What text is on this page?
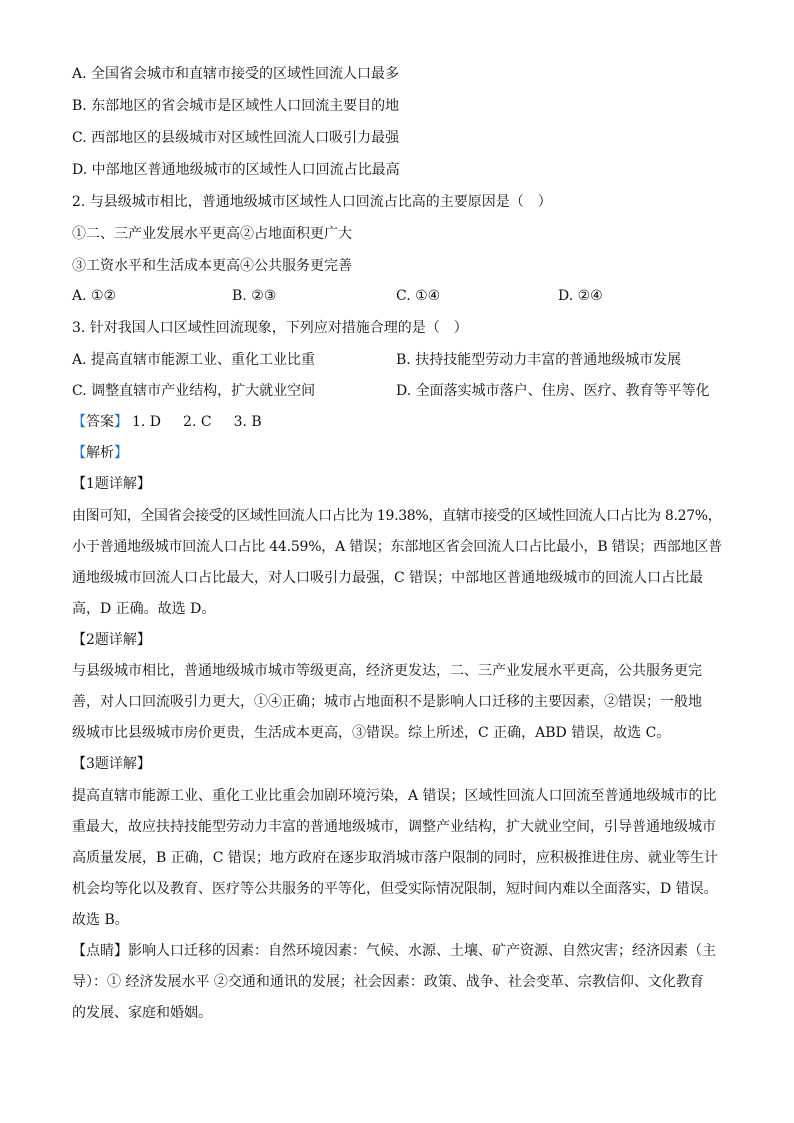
A. 全国省会城市和直辖市接受的区域性回流人口最多
B. 东部地区的省会城市是区域性人口回流主要目的地
C. 西部地区的县级城市对区域性回流人口吸引力最强
D. 中部地区普通地级城市的区域性人口回流占比最高
2. 与县级城市相比，普通地级城市区域性人口回流占比高的主要原因是（　）
①二、三产业发展水平更高②占地面积更广大
③工资水平和生活成本更高④公共服务更完善
A. ①②	B. ②③	C. ①④	D. ②④
3. 针对我国人口区域性回流现象，下列应对措施合理的是（　）
A. 提高直辖市能源工业、重化工业比重	B. 扶持技能型劳动力丰富的普通地级城市发展
C. 调整直辖市产业结构，扩大就业空间	D. 全面落实城市落户、住房、医疗、教育等平等化
【答案】 1. D 2. C 3. B
【解析】
【1题详解】
由图可知，全国省会接受的区域性回流人口占比为 19.38%，直辖市接受的区域性回流人口占比为 8.27%，
小于普通地级城市回流人口占比 44.59%，A 错误；东部地区省会回流人口占比最小，B 错误；西部地区普
通地级城市回流人口占比最大，对人口吸引力最强，C 错误；中部地区普通地级城市的回流人口占比最
高，D 正确。故选 D。
【2题详解】
与县级城市相比，普通地级城市城市等级更高，经济更发达，二、三产业发展水平更高，公共服务更完
善，对人口回流吸引力更大，①④正确；城市占地面积不是影响人口迁移的主要因素，②错误；一般地
级城市比县级城市房价更贵，生活成本更高，③错误。综上所述，C 正确，ABD 错误，故选 C。
【3题详解】
提高直辖市能源工业、重化工业比重会加剧环境污染，A 错误；区域性回流人口回流至普通地级城市的比
重最大，故应扶持技能型劳动力丰富的普通地级城市，调整产业结构，扩大就业空间，引导普通地级城市
高质量发展，B 正确，C 错误；地方政府在逐步取消城市落户限制的同时，应积极推进住房、就业等生计
机会均等化以及教育、医疗等公共服务的平等化，但受实际情况限制，短时间内难以全面落实，D 错误。
故选 B。
【点睛】影响人口迁移的因素：自然环境因素：气候、水源、土壤、矿产资源、自然灾害；经济因素（主
导）：① 经济发展水平 ②交通和通讯的发展；社会因素：政策、战争、社会变革、宗教信仰、文化教育
的发展、家庭和婚姻。
